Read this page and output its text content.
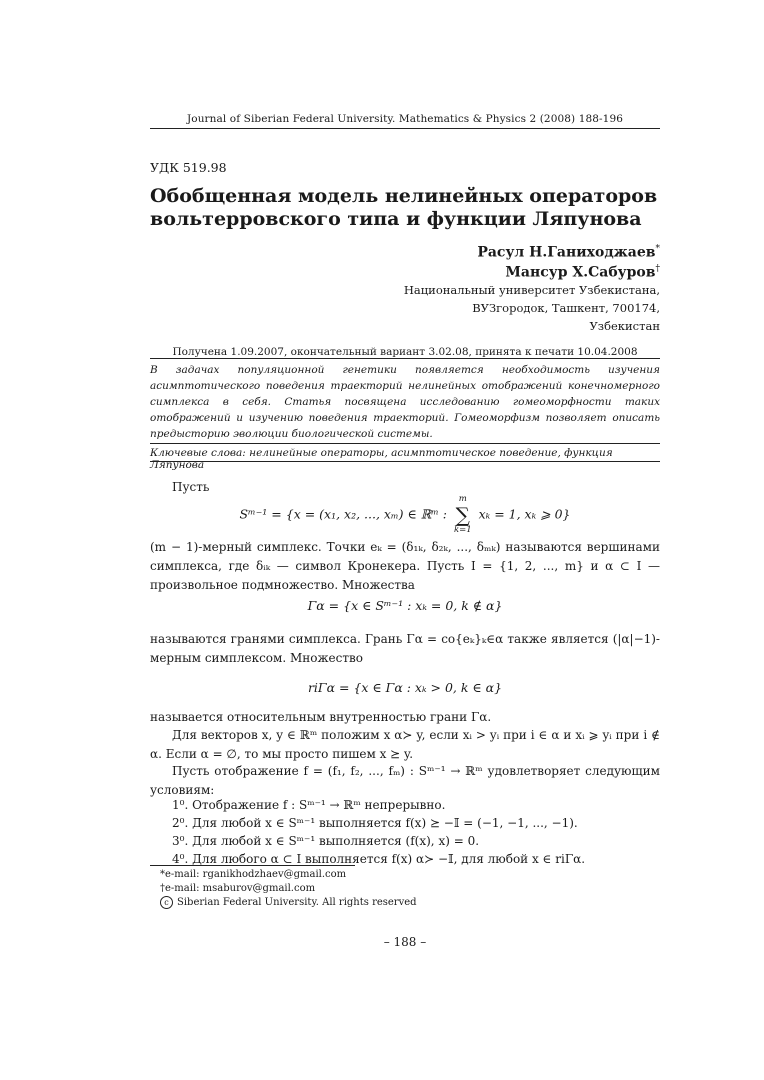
Journal of Siberian Federal University. Mathematics & Physics 2 (2008) 188-196
УДК 519.98
Обобщенная модель нелинейных операторов
вольтерровского типа и функции Ляпунова
Расул Н.Ганиходжаев*
Мансур Х.Сабуров†
Национальный университет Узбекистана,
ВУЗгородок, Ташкент, 700174,
Узбекистан
Получена 1.09.2007, окончательный вариант 3.02.08, принята к печати 10.04.2008
В задачах популяционной генетики появляется необходимость изучения асимптотического поведения траекторий нелинейных отображений конечномерного симплекса в себя. Статья посвящена исследованию гомеоморфности таких отображений и изучению поведения траекторий. Гомеоморфизм позволяет описать предысторию эволюции биологической системы.
Ключевые слова: нелинейные операторы, асимптотическое поведение, функция Ляпунова
Пусть
Sᵐ⁻¹ = {x = (x₁, x₂, ..., xₘ) ∈ ℝᵐ :
m
∑
k=1
xₖ = 1, xₖ ⩾ 0}
(m − 1)-мерный симплекс. Точки eₖ = (δ₁ₖ, δ₂ₖ, ..., δₘₖ) называются вершинами симплекса, где δᵢₖ — символ Кронекера. Пусть I = {1, 2, ..., m} и α ⊂ I — произвольное подмножество. Множества
Γα = {x ∈ Sᵐ⁻¹ : xₖ = 0, k ∉ α}
называются гранями симплекса. Грань Γα = co{eₖ}ₖ∈α также является (|α|−1)-мерным симплексом. Множество
riΓα = {x ∈ Γα : xₖ > 0, k ∈ α}
называется относительным внутренностью грани Γα.
Для векторов x, y ∈ ℝᵐ положим x α≻ y, если xᵢ > yᵢ при i ∈ α и xᵢ ⩾ yᵢ при i ∉ α. Если α = ∅, то мы просто пишем x ⪰ y.
Пусть отображение f = (f₁, f₂, ..., fₘ) : Sᵐ⁻¹ → ℝᵐ удовлетворяет следующим условиям:
1⁰. Отображение f : Sᵐ⁻¹ → ℝᵐ непрерывно.
2⁰. Для любой x ∈ Sᵐ⁻¹ выполняется f(x) ⪰ −𝕀 = (−1, −1, ..., −1).
3⁰. Для любой x ∈ Sᵐ⁻¹ выполняется (f(x), x) = 0.
4⁰. Для любого α ⊂ I выполняется f(x) α≻ −𝕀, для любой x ∈ riΓα.
*e-mail: rganikhodzhaev@gmail.com
†e-mail: msaburov@gmail.com
c Siberian Federal University. All rights reserved
– 188 –
